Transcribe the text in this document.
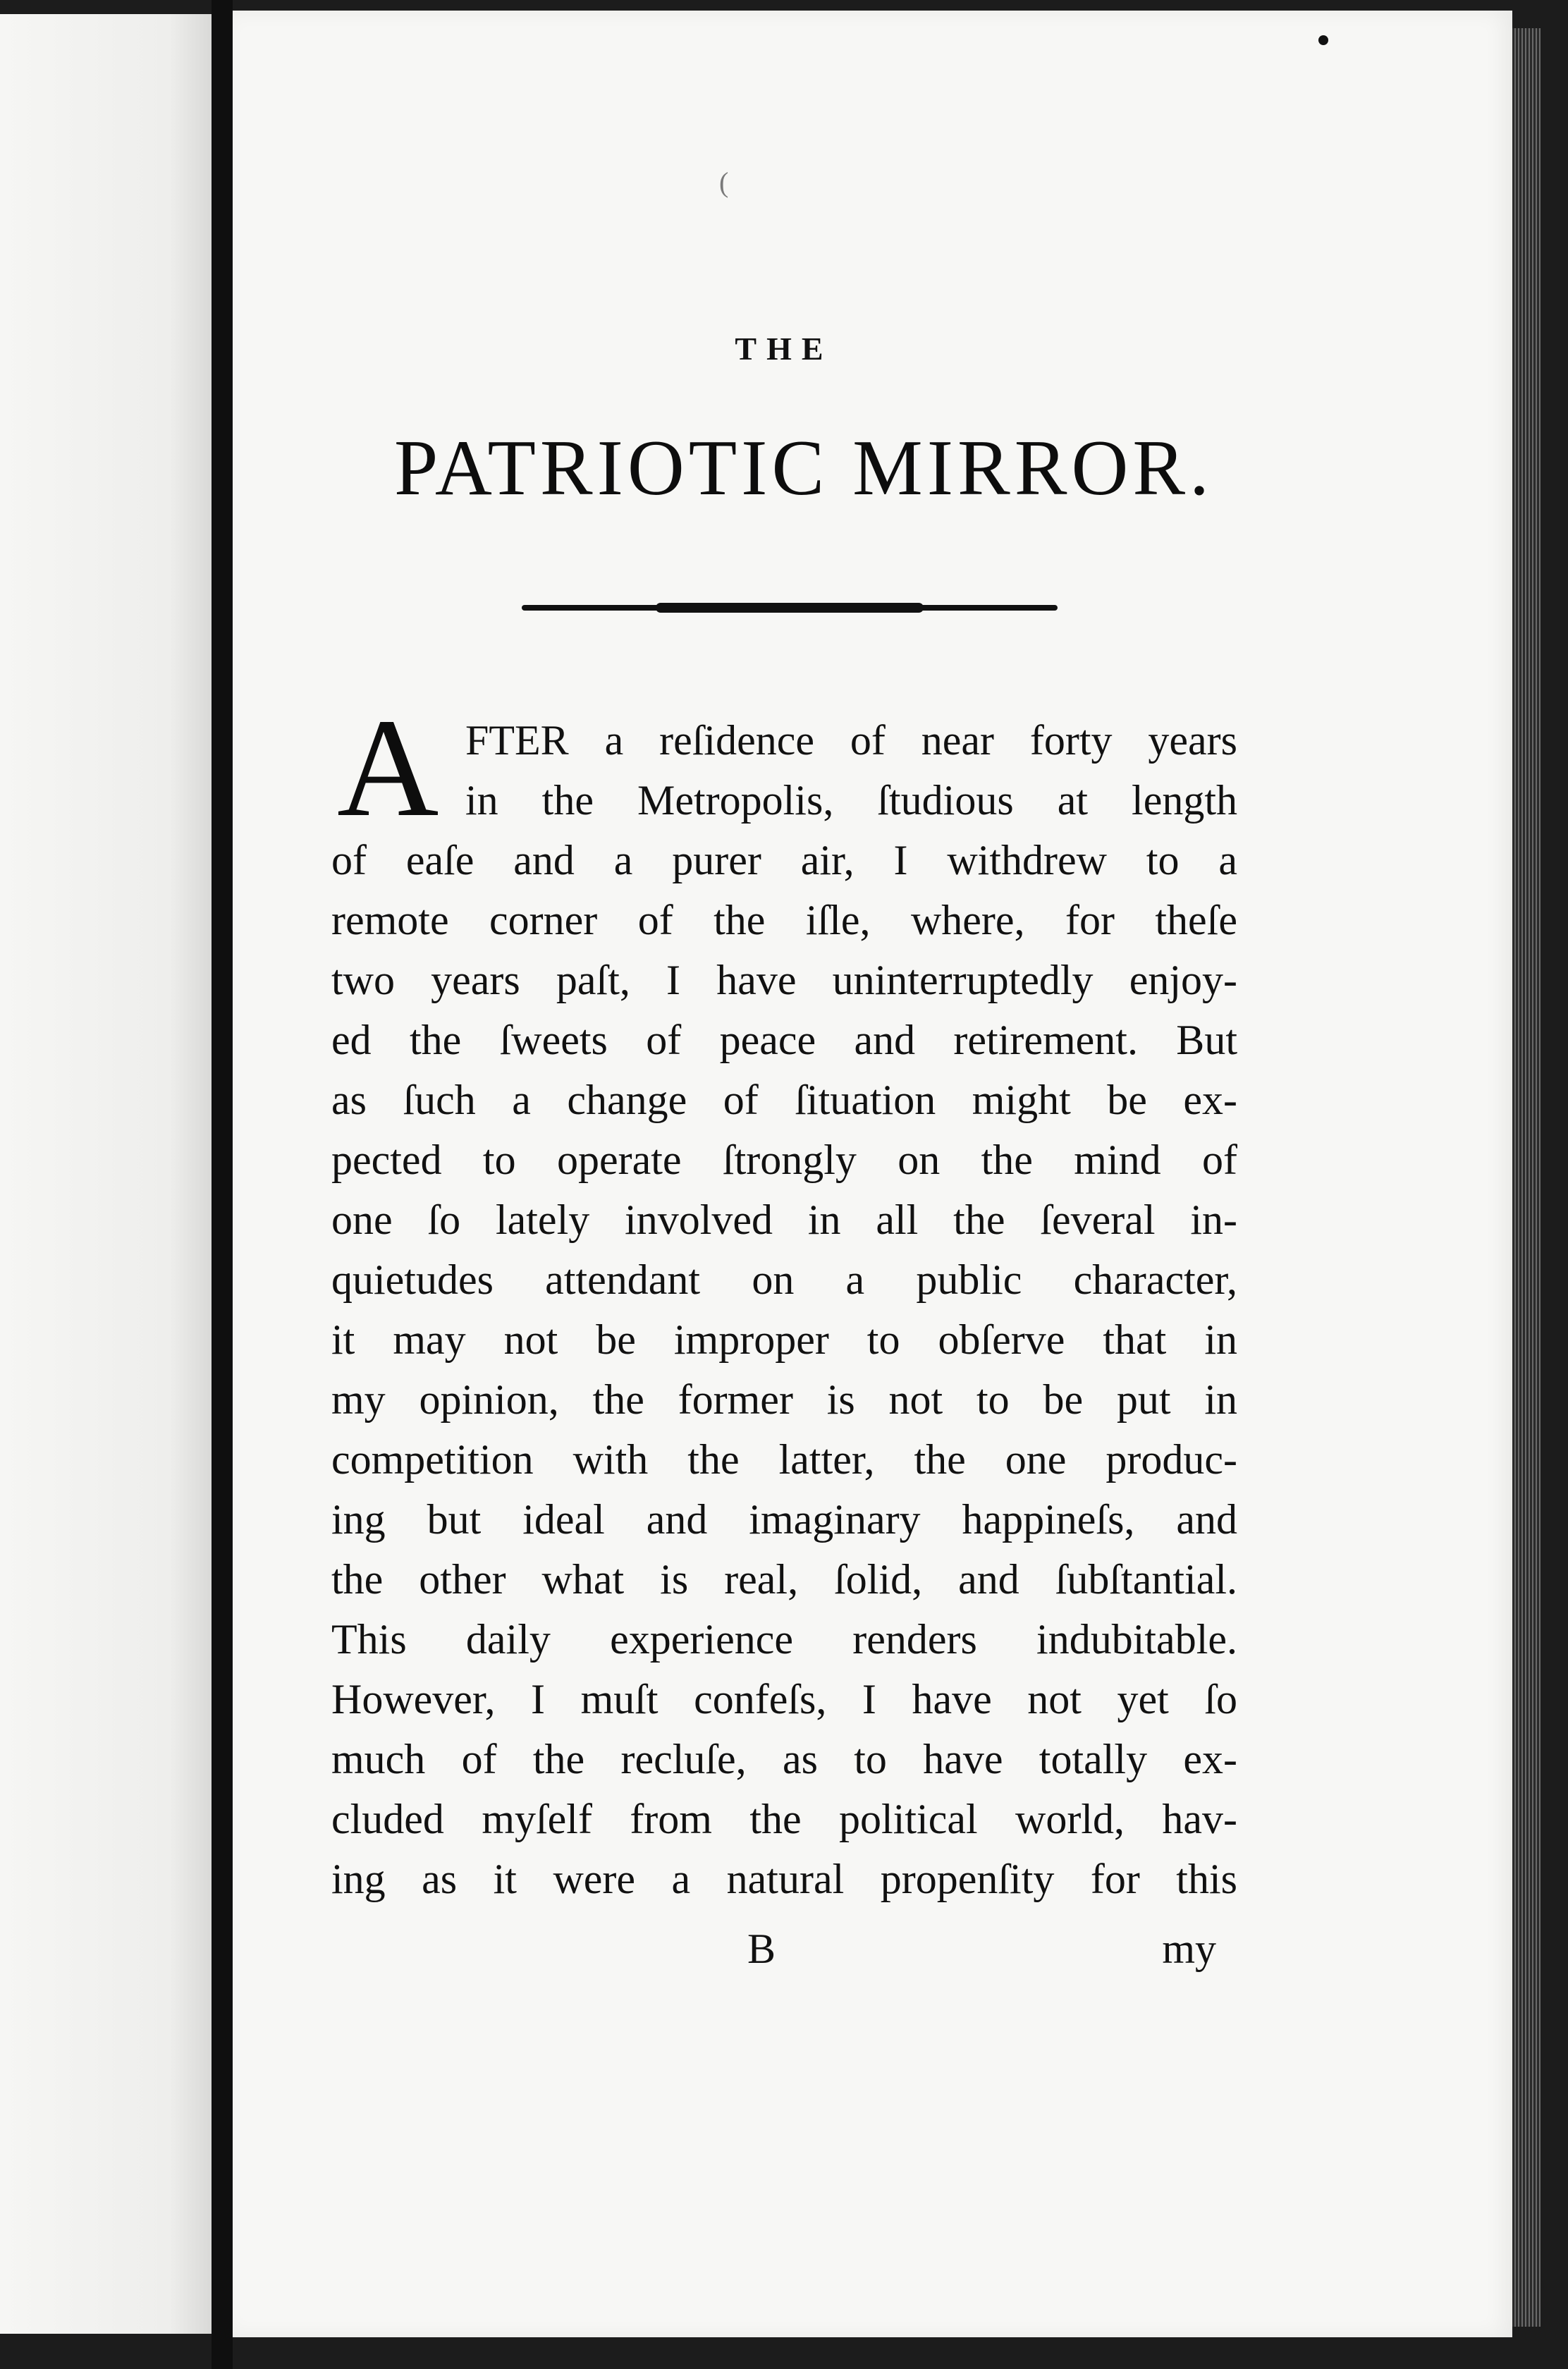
(
THE
PATRIOTIC MIRROR.
A FTER a reſidence of near forty years
in the Metropolis, ſtudious at length
of eaſe and a purer air, I withdrew to a
remote corner of the iſle, where, for theſe
two years paſt, I have uninterruptedly enjoy-
ed the ſweets of peace and retirement. But
as ſuch a change of ſituation might be ex-
pected to operate ſtrongly on the mind of
one ſo lately involved in all the ſeveral in-
quietudes attendant on a public character,
it may not be improper to obſerve that in
my opinion, the former is not to be put in
competition with the latter, the one produc-
ing but ideal and imaginary happineſs, and
the other what is real, ſolid, and ſubſtantial.
This daily experience renders indubitable.
However, I muſt confeſs, I have not yet ſo
much of the recluſe, as to have totally ex-
cluded myſelf from the political world, hav-
ing as it were a natural propenſity for this
B	my
